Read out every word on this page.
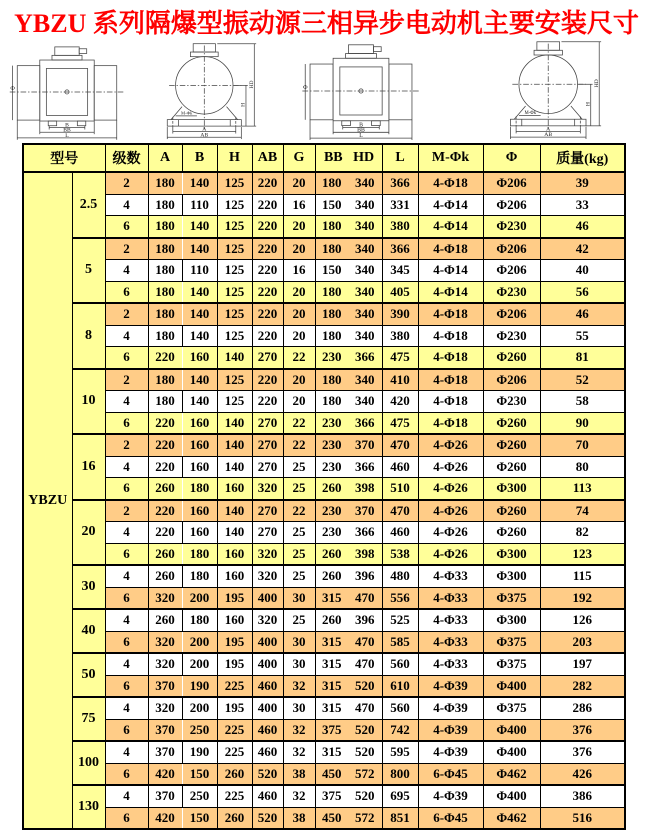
YBZU 系列隔爆型振动源三相异步电动机主要安装尺寸
Φ
B
BB
L
M-Φk
HD
H
A
AB
Φ
B
BB
L
M-Φk
HD
H
A
AB
型号		级数	A	B	H	AB	G	BB HD		L	M-Φk	Φ	质量(kg)
YBZU	2.5	2	180	140	125	220	20	180	340	366	4-Φ18	Φ206	39
		4	180	110	125	220	16	150	340	331	4-Φ14	Φ206	33
		6	180	140	125	220	20	180	340	380	4-Φ14	Φ230	46
	5	2	180	140	125	220	20	180	340	366	4-Φ18	Φ206	42
		4	180	110	125	220	16	150	340	345	4-Φ14	Φ206	40
		6	180	140	125	220	20	180	340	405	4-Φ14	Φ230	56
	8	2	180	140	125	220	20	180	340	390	4-Φ18	Φ206	46
		4	180	140	125	220	20	180	340	380	4-Φ18	Φ230	55
		6	220	160	140	270	22	230	366	475	4-Φ18	Φ260	81
	10	2	180	140	125	220	20	180	340	410	4-Φ18	Φ206	52
		4	180	140	125	220	20	180	340	420	4-Φ18	Φ230	58
		6	220	160	140	270	22	230	366	475	4-Φ18	Φ260	90
	16	2	220	160	140	270	22	230	370	470	4-Φ26	Φ260	70
		4	220	160	140	270	25	230	366	460	4-Φ26	Φ260	80
		6	260	180	160	320	25	260	398	510	4-Φ26	Φ300	113
	20	2	220	160	140	270	22	230	370	470	4-Φ26	Φ260	74
		4	220	160	140	270	25	230	366	460	4-Φ26	Φ260	82
		6	260	180	160	320	25	260	398	538	4-Φ26	Φ300	123
	30	4	260	180	160	320	25	260	396	480	4-Φ33	Φ300	115
		6	320	200	195	400	30	315	470	556	4-Φ33	Φ375	192
	40	4	260	180	160	320	25	260	396	525	4-Φ33	Φ300	126
		6	320	200	195	400	30	315	470	585	4-Φ33	Φ375	203
	50	4	320	200	195	400	30	315	470	560	4-Φ33	Φ375	197
		6	370	190	225	460	32	315	520	610	4-Φ39	Φ400	282
	75	4	320	200	195	400	30	315	470	560	4-Φ39	Φ375	286
		6	370	250	225	460	32	375	520	742	4-Φ39	Φ400	376
	100	4	370	190	225	460	32	315	520	595	4-Φ39	Φ400	376
		6	420	150	260	520	38	450	572	800	6-Φ45	Φ462	426
	130	4	370	250	225	460	32	375	520	695	4-Φ39	Φ400	386
		6	420	150	260	520	38	450	572	851	6-Φ45	Φ462	516
